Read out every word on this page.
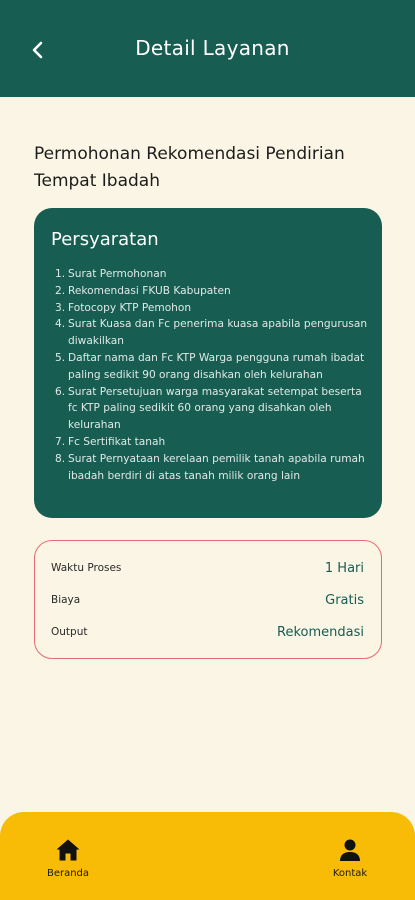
Detail Layanan
Permohonan Rekomendasi Pendirian Tempat Ibadah
Persyaratan
1. Surat Permohonan
2. Rekomendasi FKUB Kabupaten
3. Fotocopy KTP Pemohon
4. Surat Kuasa dan Fc penerima kuasa apabila pengurusan diwakilkan
5. Daftar nama dan Fc KTP Warga pengguna rumah ibadat paling sedikit 90 orang disahkan oleh kelurahan
6. Surat Persetujuan warga masyarakat setempat beserta fc KTP paling sedikit 60 orang yang disahkan oleh kelurahan
7. Fc Sertifikat tanah
8. Surat Pernyataan kerelaan pemilik tanah apabila rumah ibadah berdiri di atas tanah milik orang lain
Waktu Proses	1 Hari
Biaya	Gratis
Output	Rekomendasi
Beranda	Kontak
